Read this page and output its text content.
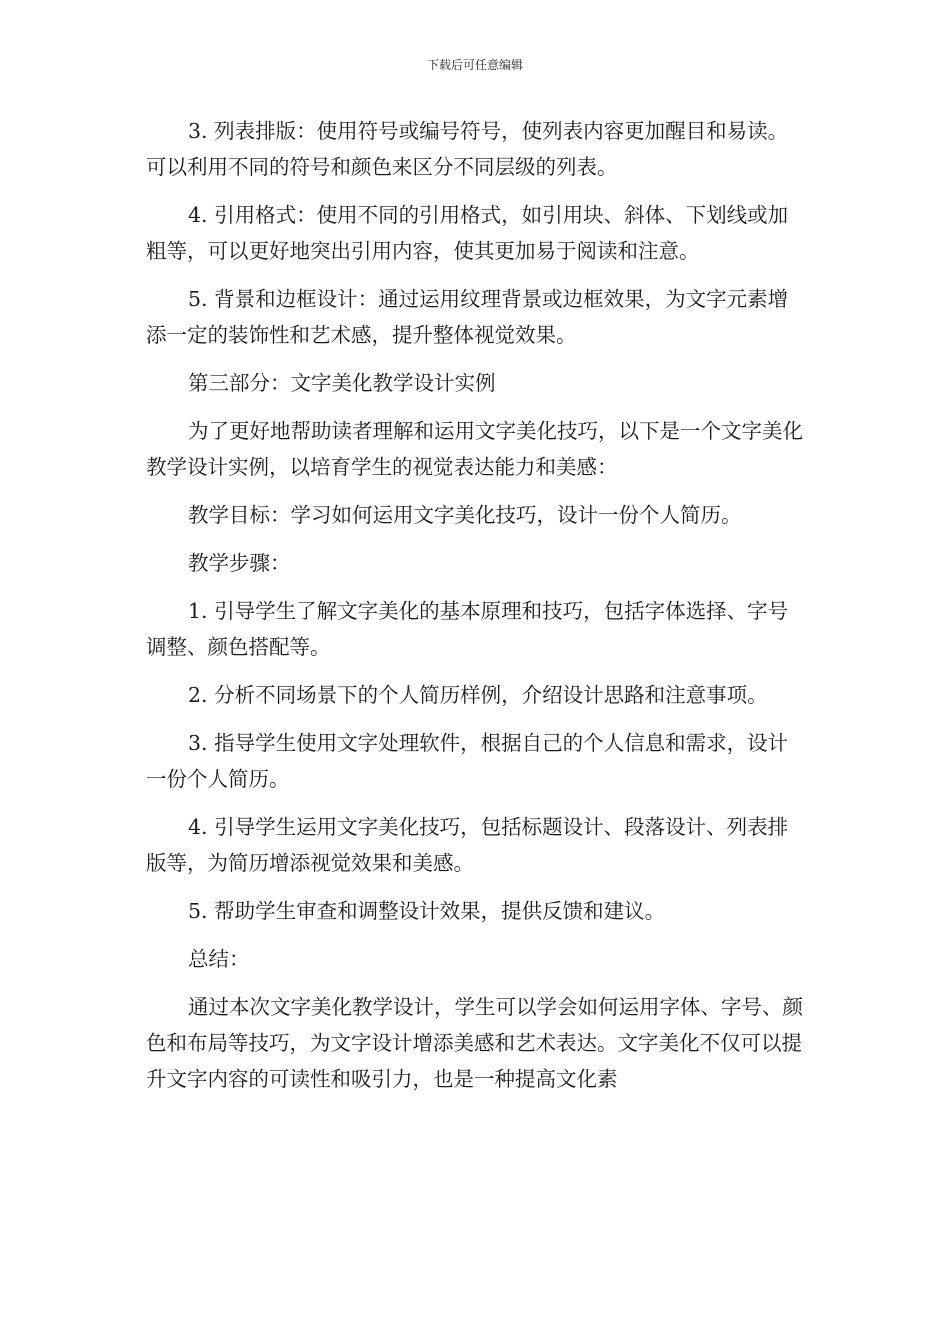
下载后可任意编辑

3. 列表排版：使用符号或编号符号，使列表内容更加醒目和易读。可以利用不同的符号和颜色来区分不同层级的列表。

4. 引用格式：使用不同的引用格式，如引用块、斜体、下划线或加粗等，可以更好地突出引用内容，使其更加易于阅读和注意。

5. 背景和边框设计：通过运用纹理背景或边框效果，为文字元素增添一定的装饰性和艺术感，提升整体视觉效果。

第三部分：文字美化教学设计实例

为了更好地帮助读者理解和运用文字美化技巧，以下是一个文字美化教学设计实例，以培育学生的视觉表达能力和美感：

教学目标：学习如何运用文字美化技巧，设计一份个人简历。

教学步骤：

1. 引导学生了解文字美化的基本原理和技巧，包括字体选择、字号调整、颜色搭配等。

2. 分析不同场景下的个人简历样例，介绍设计思路和注意事项。

3. 指导学生使用文字处理软件，根据自己的个人信息和需求，设计一份个人简历。

4. 引导学生运用文字美化技巧，包括标题设计、段落设计、列表排版等，为简历增添视觉效果和美感。

5. 帮助学生审查和调整设计效果，提供反馈和建议。

总结：

通过本次文字美化教学设计，学生可以学会如何运用字体、字号、颜色和布局等技巧，为文字设计增添美感和艺术表达。文字美化不仅可以提升文字内容的可读性和吸引力，也是一种提高文化素
